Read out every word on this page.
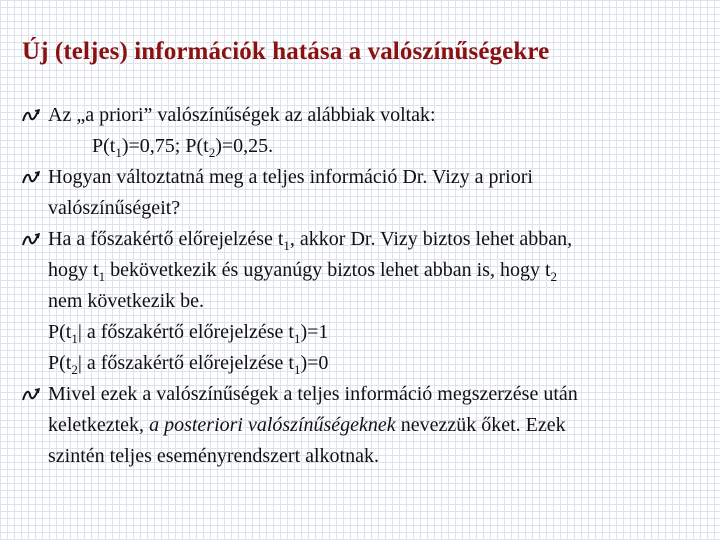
Új (teljes) információk hatása a valószínűségekre
Az „a priori” valószínűségek az alábbiak voltak:
$P(t_1)=0,75$; $P(t_2)=0,25$.
Hogyan változtatná meg a teljes információ Dr. Vizy a priori
valószínűségeit?
Ha a főszakértő előrejelzése $t_1$, akkor Dr. Vizy biztos lehet abban,
hogy $t_1$ bekövetkezik és ugyanúgy biztos lehet abban is, hogy $t_2$
nem következik be.
$P(t_1|$ a főszakértő előrejelzése $t_1)=1$
$P(t_2|$ a főszakértő előrejelzése $t_1)=0$
Mivel ezek a valószínűségek a teljes információ megszerzése után
keletkeztek, a posteriori valószínűségeknek nevezzük őket. Ezek
szintén teljes eseményrendszert alkotnak.
